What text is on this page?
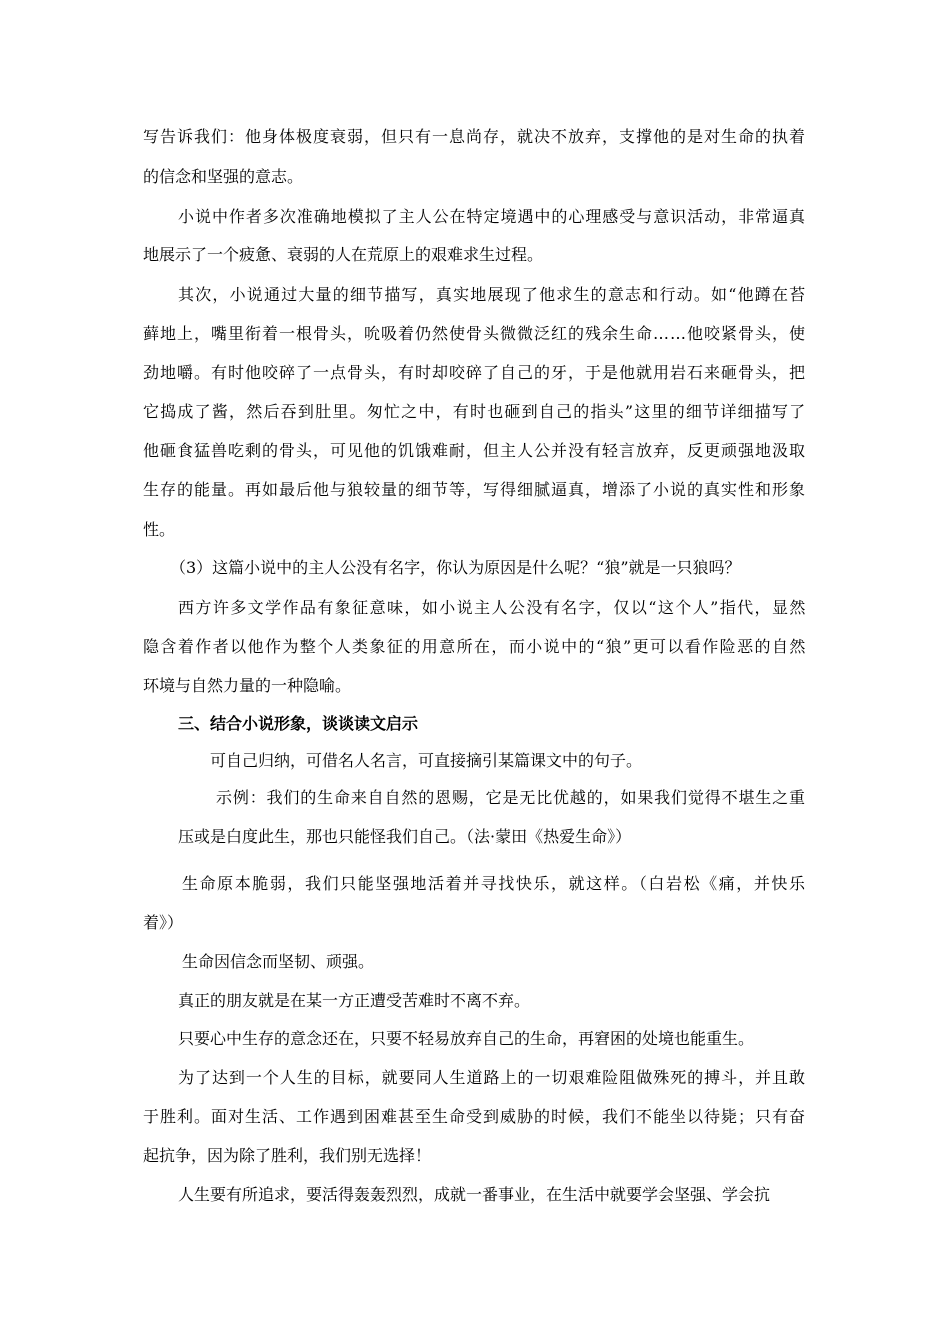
写告诉我们：他身体极度衰弱，但只有一息尚存，就决不放弃，支撑他的是对生命的执着
的信念和坚强的意志。
小说中作者多次准确地模拟了主人公在特定境遇中的心理感受与意识活动，非常逼真
地展示了一个疲惫、衰弱的人在荒原上的艰难求生过程。
其次，小说通过大量的细节描写，真实地展现了他求生的意志和行动。如“他蹲在苔
藓地上，嘴里衔着一根骨头，吮吸着仍然使骨头微微泛红的残余生命……他咬紧骨头，使
劲地嚼。有时他咬碎了一点骨头，有时却咬碎了自己的牙，于是他就用岩石来砸骨头，把
它捣成了酱，然后吞到肚里。匆忙之中，有时也砸到自己的指头”这里的细节详细描写了
他砸食猛兽吃剩的骨头，可见他的饥饿难耐，但主人公并没有轻言放弃，反更顽强地汲取
生存的能量。再如最后他与狼较量的细节等，写得细腻逼真，增添了小说的真实性和形象
性。
（3）这篇小说中的主人公没有名字，你认为原因是什么呢？“狼”就是一只狼吗？
西方许多文学作品有象征意味，如小说主人公没有名字，仅以“这个人”指代，显然
隐含着作者以他作为整个人类象征的用意所在，而小说中的“狼”更可以看作险恶的自然
环境与自然力量的一种隐喻。
三、结合小说形象，谈谈读文启示
可自己归纳，可借名人名言，可直接摘引某篇课文中的句子。
示例：我们的生命来自自然的恩赐，它是无比优越的，如果我们觉得不堪生之重
压或是白度此生，那也只能怪我们自己。（法·蒙田《热爱生命》）
生命原本脆弱，我们只能坚强地活着并寻找快乐，就这样。（白岩松《痛，并快乐
着》）
生命因信念而坚韧、顽强。
真正的朋友就是在某一方正遭受苦难时不离不弃。
只要心中生存的意念还在，只要不轻易放弃自己的生命，再窘困的处境也能重生。
为了达到一个人生的目标，就要同人生道路上的一切艰难险阻做殊死的搏斗，并且敢
于胜利。面对生活、工作遇到困难甚至生命受到威胁的时候，我们不能坐以待毙；只有奋
起抗争，因为除了胜利，我们别无选择！
人生要有所追求，要活得轰轰烈烈，成就一番事业，在生活中就要学会坚强、学会抗
